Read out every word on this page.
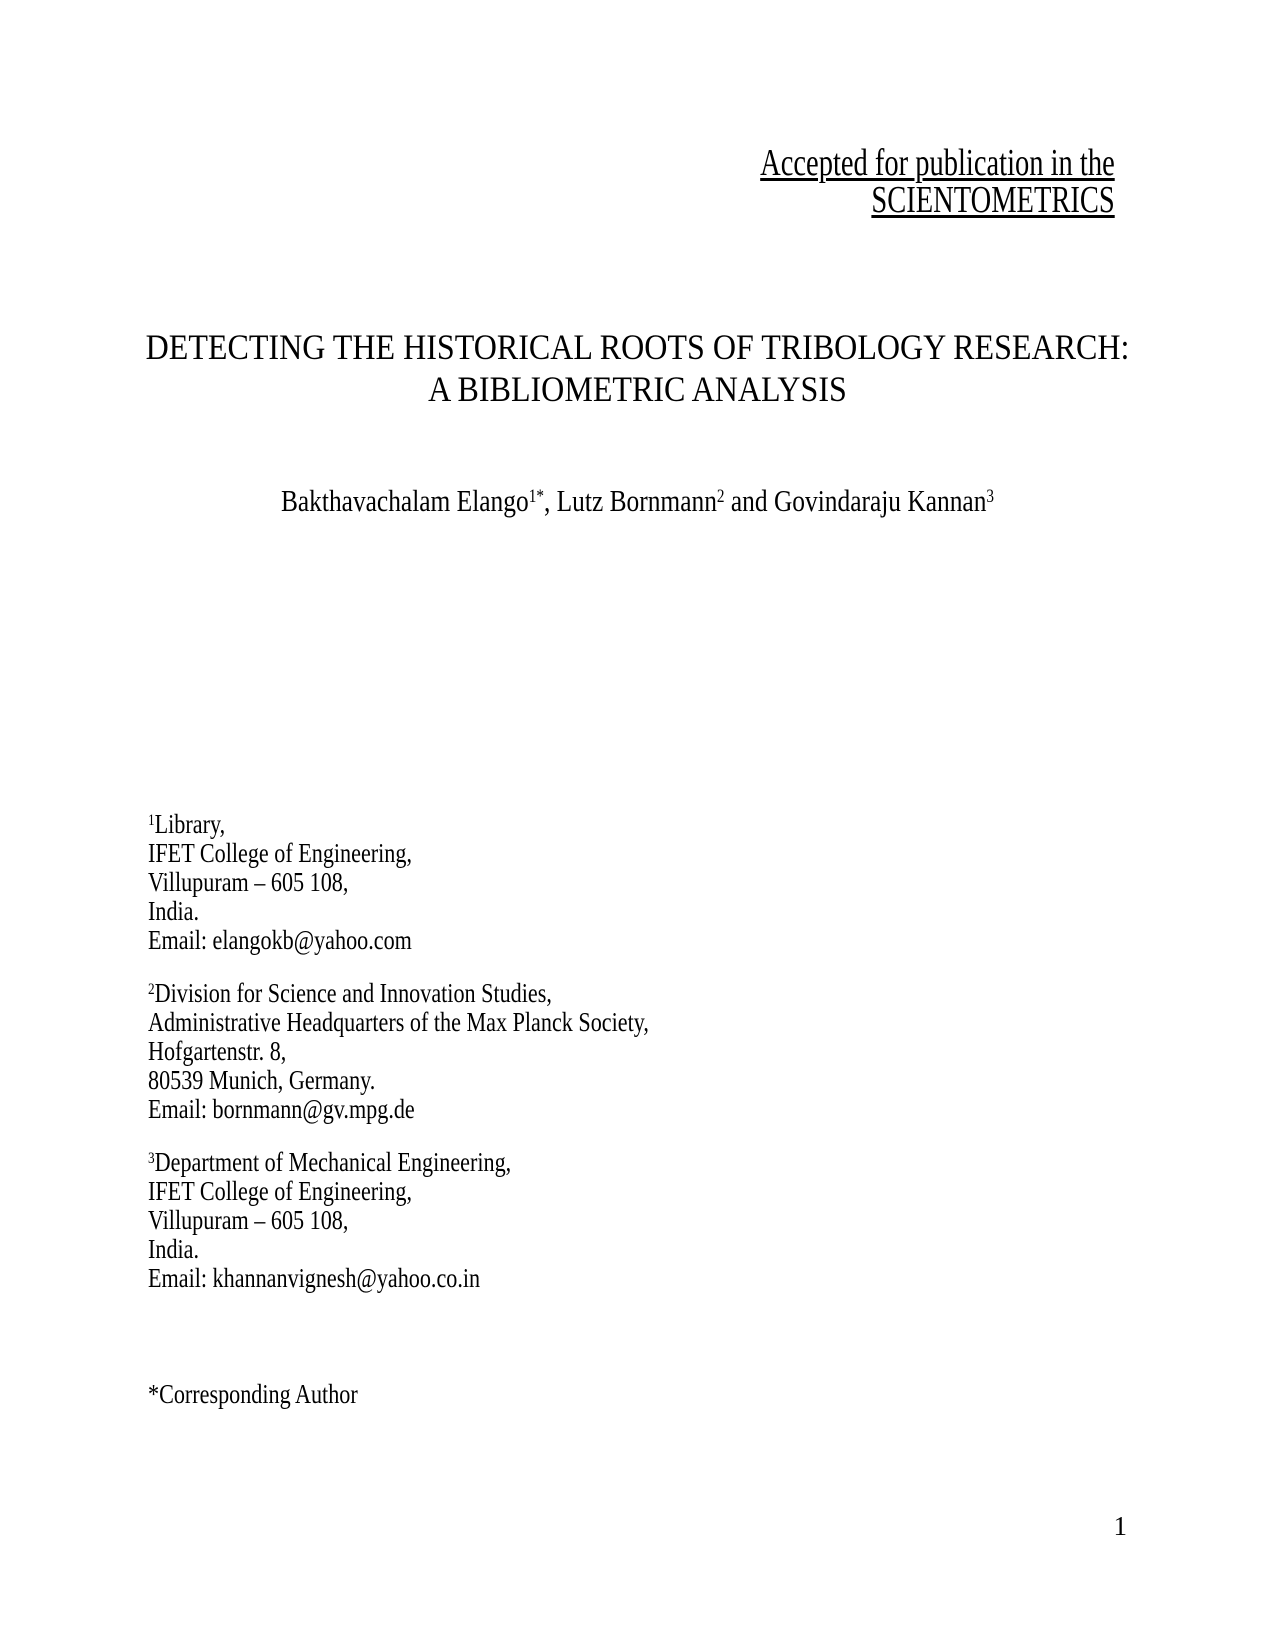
Accepted for publication in the
SCIENTOMETRICS
DETECTING THE HISTORICAL ROOTS OF TRIBOLOGY RESEARCH:
A BIBLIOMETRIC ANALYSIS
Bakthavachalam Elango$^{1*}$, Lutz Bornmann$^2$ and Govindaraju Kannan$^3$
$^1$Library,
IFET College of Engineering,
Villupuram – 605 108,
India.
Email: elangokb@yahoo.com
$^2$Division for Science and Innovation Studies,
Administrative Headquarters of the Max Planck Society,
Hofgartenstr. 8,
80539 Munich, Germany.
Email: bornmann@gv.mpg.de
$^3$Department of Mechanical Engineering,
IFET College of Engineering,
Villupuram – 605 108,
India.
Email: khannanvignesh@yahoo.co.in
*Corresponding Author
1
